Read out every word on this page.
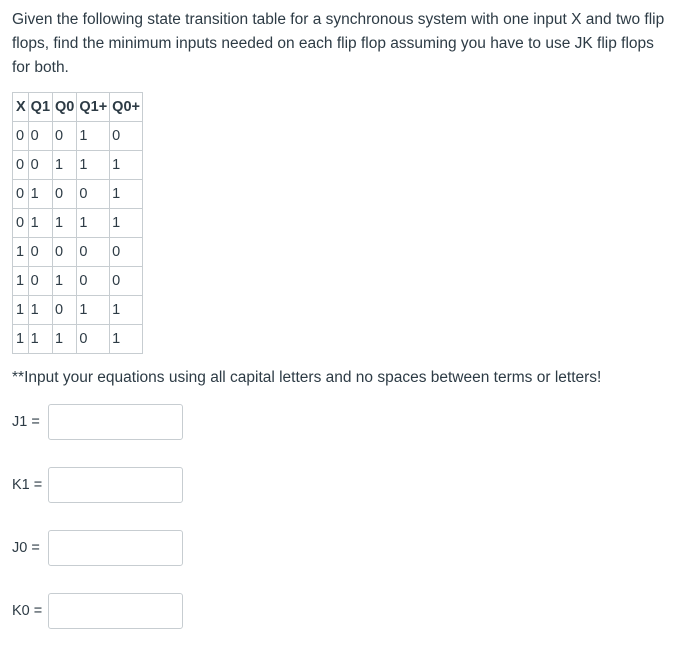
Given the following state transition table for a synchronous system with one input X and two flip flops, find the minimum inputs needed on each flip flop assuming you have to use JK flip flops for both.

X	Q1	Q0	Q1+	Q0+
0	0	0	1	0
0	0	1	1	1
0	1	0	0	1
0	1	1	1	1
1	0	0	0	0
1	0	1	0	0
1	1	0	1	1
1	1	1	0	1

**Input your equations using all capital letters and no spaces between terms or letters!

J1 =
K1 =
J0 =
K0 =
